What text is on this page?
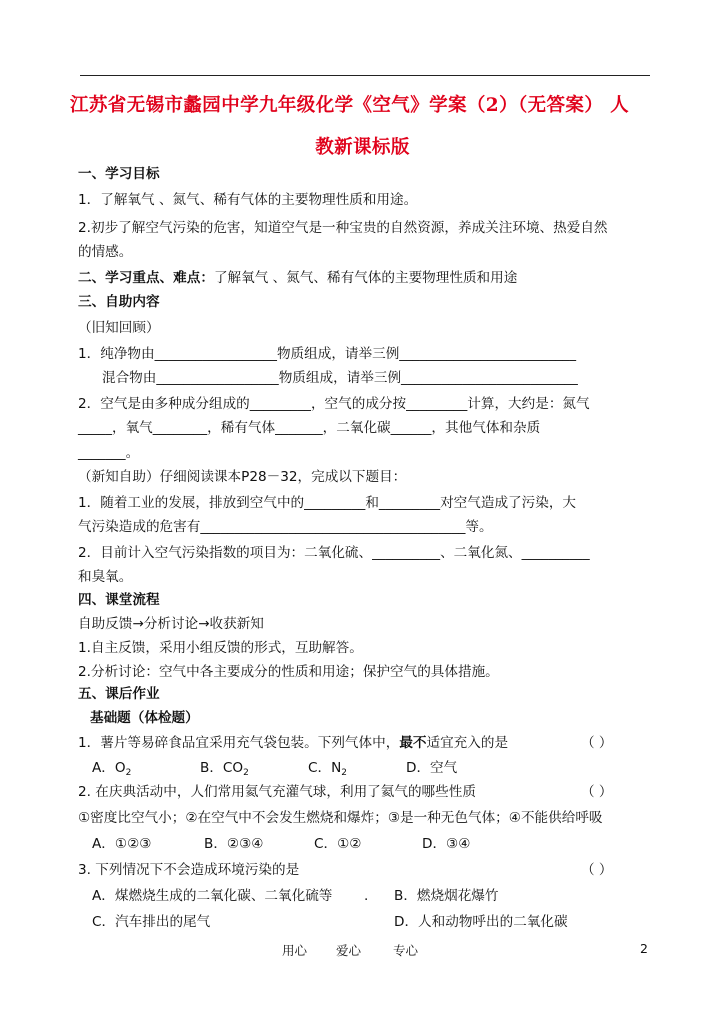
江苏省无锡市蠡园中学九年级化学《空气》学案（2）（无答案） 人
教新课标版
一、学习目标
1．了解氧气 、氮气、稀有气体的主要物理性质和用途。
2.初步了解空气污染的危害，知道空气是一种宝贵的自然资源，养成关注环境、热爱自然
的情感。
二、学习重点、难点：了解氧气 、氮气、稀有气体的主要物理性质和用途
三、自助内容
（旧知回顾）
1．纯净物由__________________物质组成，请举三例__________________________
混合物由__________________物质组成，请举三例__________________________
2．空气是由多种成分组成的_________，空气的成分按_________计算，大约是：氮气
_____，氧气________，稀有气体_______，二氧化碳______，其他气体和杂质
_______。
（新知自助）仔细阅读课本P28－32，完成以下题目：
1．随着工业的发展，排放到空气中的_________和_________对空气造成了污染，大
气污染造成的危害有_______________________________________等。
2．目前计入空气污染指数的项目为：二氧化硫、__________、二氧化氮、__________
和臭氧。
四、课堂流程
自助反馈→分析讨论→收获新知
1.自主反馈，采用小组反馈的形式，互助解答。
2.分析讨论：空气中各主要成分的性质和用途；保护空气的具体措施。
五、课后作业
基础题（体检题）
1．薯片等易碎食品宜采用充气袋包装。下列气体中，最不适宜充入的是	（ ）
A．$O_2$	B．$CO_2$	C．$N_2$	D．空气
2. 在庆典活动中，人们常用氦气充灌气球，利用了氦气的哪些性质	（ ）
①密度比空气小；②在空气中不会发生燃烧和爆炸；③是一种无色气体；④不能供给呼吸
A．①②③	B．②③④	C．①②	D．③④
3. 下列情况下不会造成环境污染的是	（ ）
A．煤燃烧生成的二氧化碳、二氧化硫等 . B．燃烧烟花爆竹
C．汽车排出的尾气	D．人和动物呼出的二氧化碳
用心 爱心	专心	2
